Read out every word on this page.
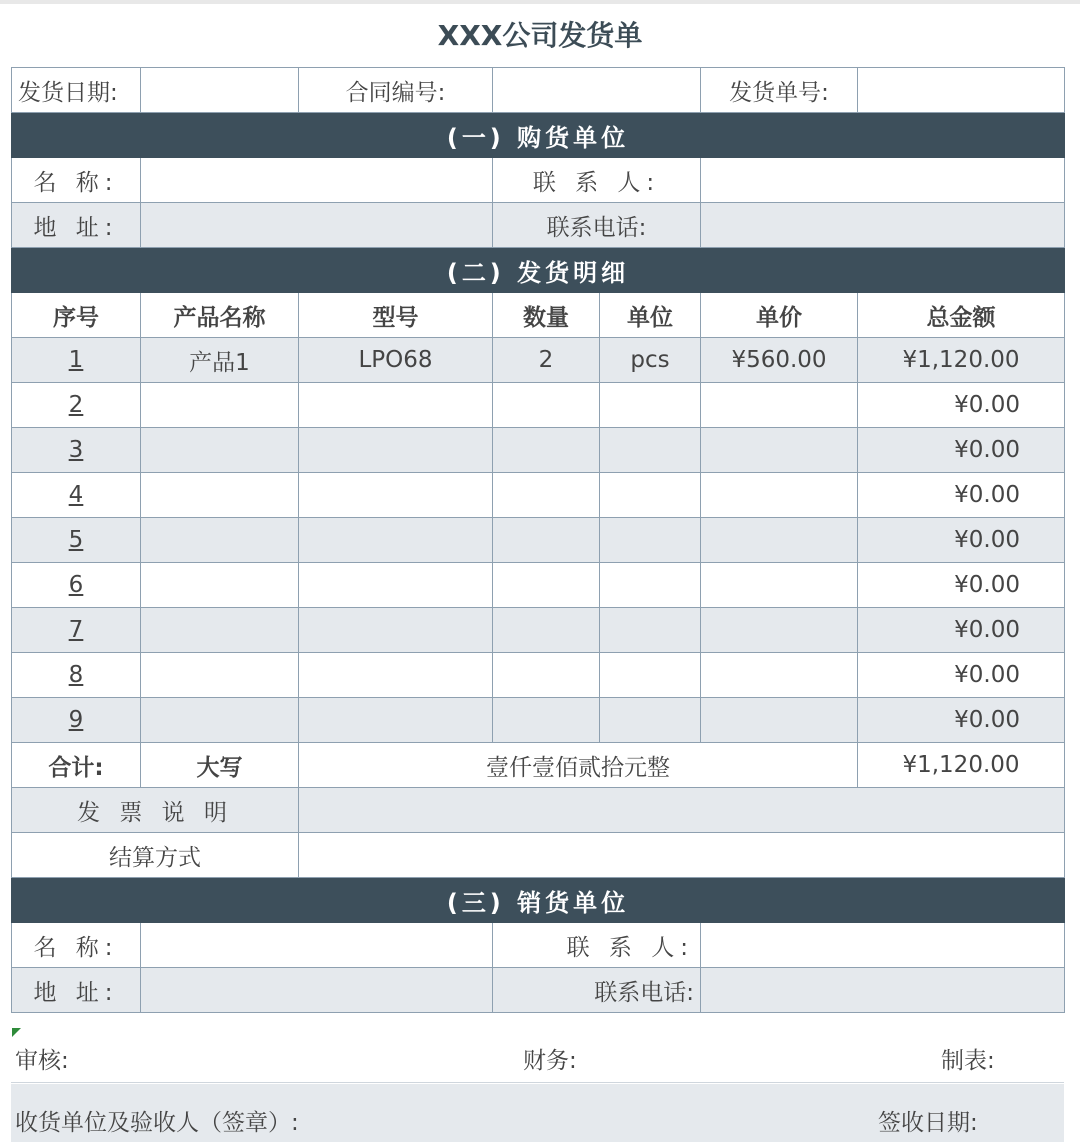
XXX公司发货单
发货日期:		合同编号:			发货单号:	
(一) 购货单位						
名 称:			联 系 人:			
地 址:			联系电话:			
(二) 发货明细						
序号	产品名称	型号	数量	单位	单价	总金额
1	产品1	LPO68	2	pcs	¥560.00	¥1,120.00
2						¥0.00
3						¥0.00
4						¥0.00
5						¥0.00
6						¥0.00
7						¥0.00
8						¥0.00
9						¥0.00
合计:	大写	壹仟壹佰贰拾元整				¥1,120.00
发 票 说 明						
结算方式						
(三) 销货单位						
名 称:			联 系 人:			
地 址:			联系电话:			
审核:	财务:	制表:
收货单位及验收人（签章）:	签收日期:
